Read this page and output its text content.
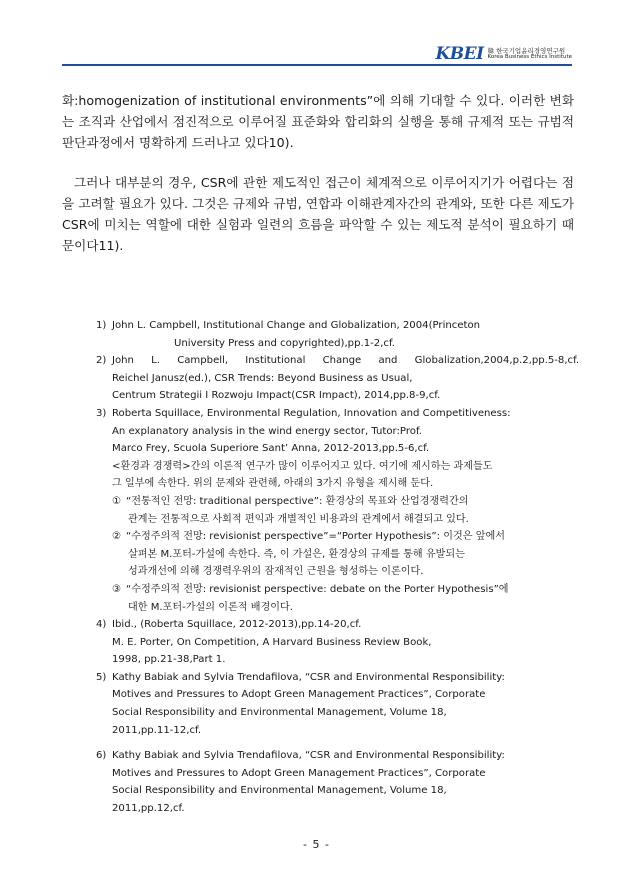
KBEI 韓 한국기업윤리경영연구원
Korea Business Ethics Institute

화:homogenization of institutional environments”에 의해 기대할 수 있다. 이러한 변화는 조직과 산업에서 점진적으로 이루어질 표준화와 합리화의 실행을 통해 규제적 또는 규범적 판단과정에서 명확하게 드러나고 있다10).

그러나 대부분의 경우, CSR에 관한 제도적인 접근이 체계적으로 이루어지기가 어렵다는 점을 고려할 필요가 있다. 그것은 규제와 규범, 연합과 이해관계자간의 관계와, 또한 다른 제도가 CSR에 미치는 역할에 대한 실험과 일련의 흐름을 파악할 수 있는 제도적 분석이 필요하기 때문이다11).

1) John L. Campbell, Institutional Change and Globalization, 2004(Princeton
University Press and copyrighted),pp.1-2,cf.
2) John L. Campbell, Institutional Change and Globalization,2004,p.2,pp.5-8,cf.
Reichel Janusz(ed.), CSR Trends: Beyond Business as Usual,
Centrum Strategii I Rozwoju Impact(CSR Impact), 2014,pp.8-9,cf.
3) Roberta Squillace, Environmental Regulation, Innovation and Competitiveness:
An explanatory analysis in the wind energy sector, Tutor:Prof.
Marco Frey, Scuola Superiore Sant’ Anna, 2012-2013,pp.5-6,cf.
<환경과 경쟁력>간의 이론적 연구가 많이 이루어지고 있다. 여기에 제시하는 과제들도
그 일부에 속한다. 위의 문제와 관련해, 아래의 3가지 유형을 제시해 둔다.
① “전통적인 전망: traditional perspective”: 환경상의 목표와 산업경쟁력간의
관계는 전통적으로 사회적 편익과 개별적인 비용과의 관계에서 해결되고 있다.
② “수정주의적 전망: revisionist perspective”=“Porter Hypothesis”: 이것은 앞에서
살펴본 M.포터-가설에 속한다. 즉, 이 가설은, 환경상의 규제를 통해 유발되는
성과개선에 의해 경쟁력우위의 잠재적인 근원을 형성하는 이론이다.
③ “수정주의적 전망: revisionist perspective: debate on the Porter Hypothesis”에
대한 M.포터-가설의 이론적 배경이다.
4) Ibid., (Roberta Squillace, 2012-2013),pp.14-20,cf.
M. E. Porter, On Competition, A Harvard Business Review Book,
1998, pp.21-38,Part 1.
5) Kathy Babiak and Sylvia Trendafilova, “CSR and Environmental Responsibility:
Motives and Pressures to Adopt Green Management Practices”, Corporate
Social Responsibility and Environmental Management, Volume 18,
2011,pp.11-12,cf.
6) Kathy Babiak and Sylvia Trendafilova, “CSR and Environmental Responsibility:
Motives and Pressures to Adopt Green Management Practices”, Corporate
Social Responsibility and Environmental Management, Volume 18,
2011,pp.12,cf.
- 5 -
